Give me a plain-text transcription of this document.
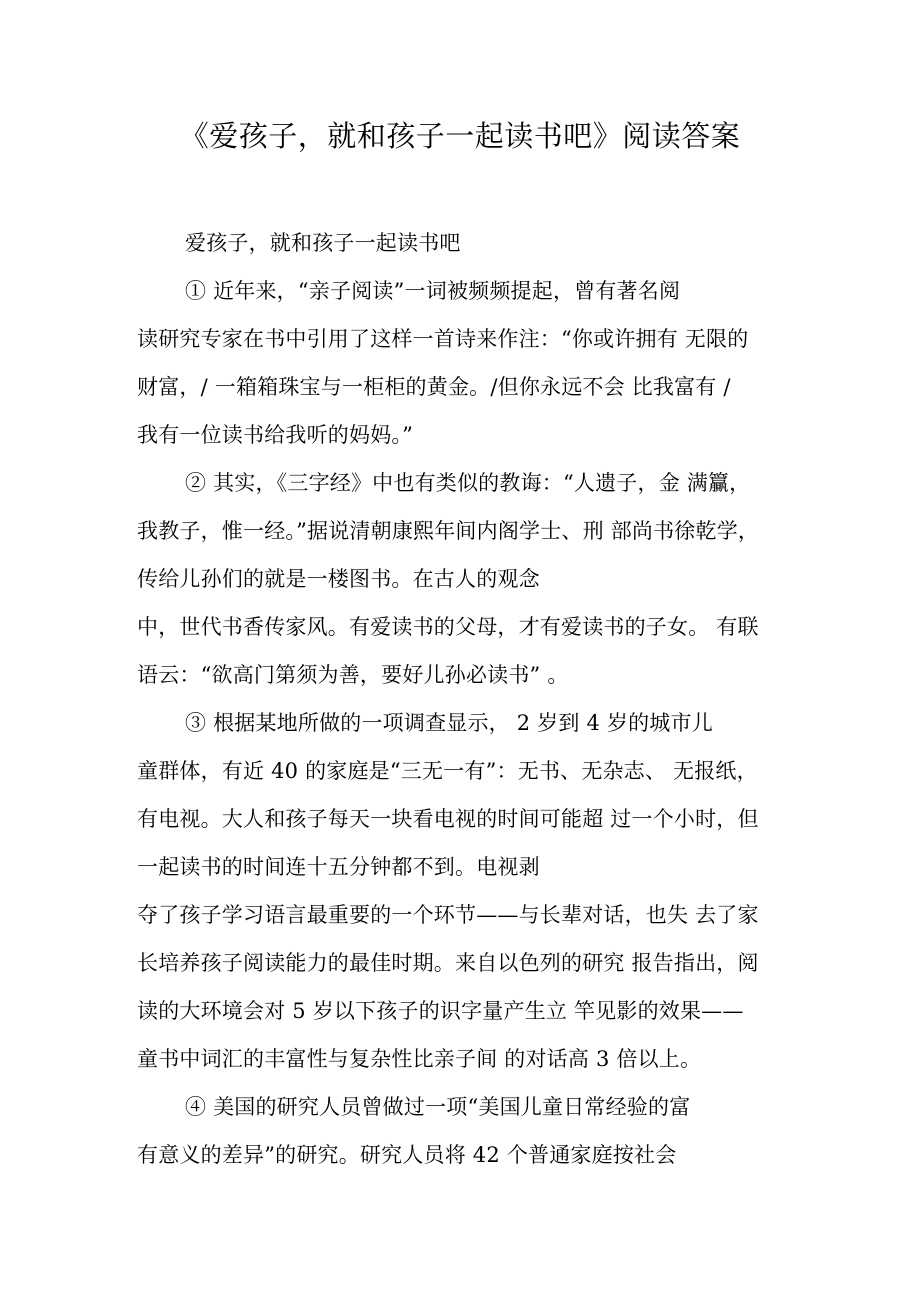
《爱孩子，就和孩子一起读书吧》阅读答案
爱孩子，就和孩子一起读书吧
① 近年来，“亲子阅读”一词被频频提起，曾有著名阅
读研究专家在书中引用了这样一首诗来作注：“你或许拥有 无限的
财富，/ 一箱箱珠宝与一柜柜的黄金。/但你永远不会 比我富有 /
我有一位读书给我听的妈妈。”
② 其实，《三字经》中也有类似的教诲：“人遗子，金 满籯，
我教子，惟一经。”据说清朝康熙年间内阁学士、刑 部尚书徐乾学，
传给儿孙们的就是一楼图书。在古人的观念
中，世代书香传家风。有爱读书的父母，才有爱读书的子女。 有联
语云：“欲高门第须为善，要好儿孙必读书” 。
③ 根据某地所做的一项调查显示， 2 岁到 4 岁的城市儿
童群体，有近 40 的家庭是“三无一有”：无书、无杂志、 无报纸，
有电视。大人和孩子每天一块看电视的时间可能超 过一个小时，但
一起读书的时间连十五分钟都不到。电视剥
夺了孩子学习语言最重要的一个环节——与长辈对话，也失 去了家
长培养孩子阅读能力的最佳时期。来自以色列的研究 报告指出，阅
读的大环境会对 5 岁以下孩子的识字量产生立 竿见影的效果——
童书中词汇的丰富性与复杂性比亲子间 的对话高 3 倍以上。
④ 美国的研究人员曾做过一项“美国儿童日常经验的富
有意义的差异”的研究。研究人员将 42 个普通家庭按社会
